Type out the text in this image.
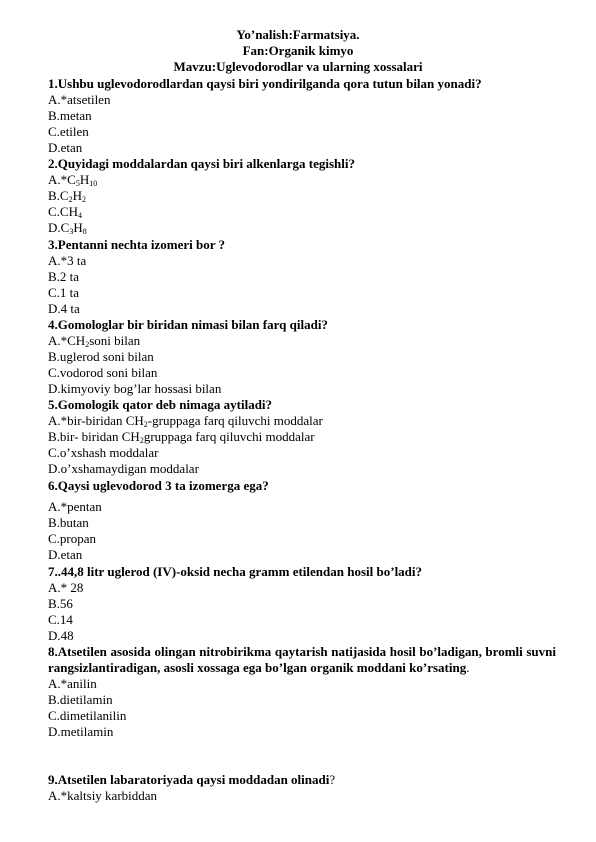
Yo’nalish:Farmatsiya.
Fan:Organik kimyo
Mavzu:Uglevodorodlar va ularning xossalari
1.Ushbu uglevodorodlardan qaysi biri yondirilganda qora tutun bilan yonadi?
A.*atsetilen
B.metan
C.etilen
D.etan
2.Quyidagi moddalardan qaysi biri alkenlarga tegishli?
$A.*C_5H_{10}$
$B.C_2H_2$
$C.CH_4$
$D.C_3H_8$
3.Pentanni nechta izomeri bor ?
A.*3 ta
B.2 ta
C.1 ta
D.4 ta
4.Gomologlar bir biridan nimasi bilan farq qiladi?
$A.*CH_2soni$ bilan
B.uglerod soni bilan
C.vodorod soni bilan
D.kimyoviy bog’lar hossasi bilan
5.Gomologik qator deb nimaga aytiladi?
A.*bir-biridan $CH_2$-gruppaga farq qiluvchi moddalar
B.bir- biridan $CH_2gruppaga$ farq qiluvchi moddalar
C.o’xshash moddalar
D.o’xshamaydigan moddalar
6.Qaysi uglevodorod 3 ta izomerga ega?
A.*pentan
B.butan
C.propan
D.etan
7..44,8 litr uglerod (IV)-oksid necha gramm etilendan hosil bo’ladi?
A.* 28
B.56
C.14
D.48
8.Atsetilen asosida olingan nitrobirikma qaytarish natijasida hosil bo’ladigan, bromli suvni rangsizlantiradigan, asosli xossaga ega bo’lgan organik moddani ko’rsating.
A.*anilin
B.dietilamin
C.dimetilanilin
D.metilamin
9.Atsetilen labaratoriyada qaysi moddadan olinadi?
A.*kaltsiy karbiddan
